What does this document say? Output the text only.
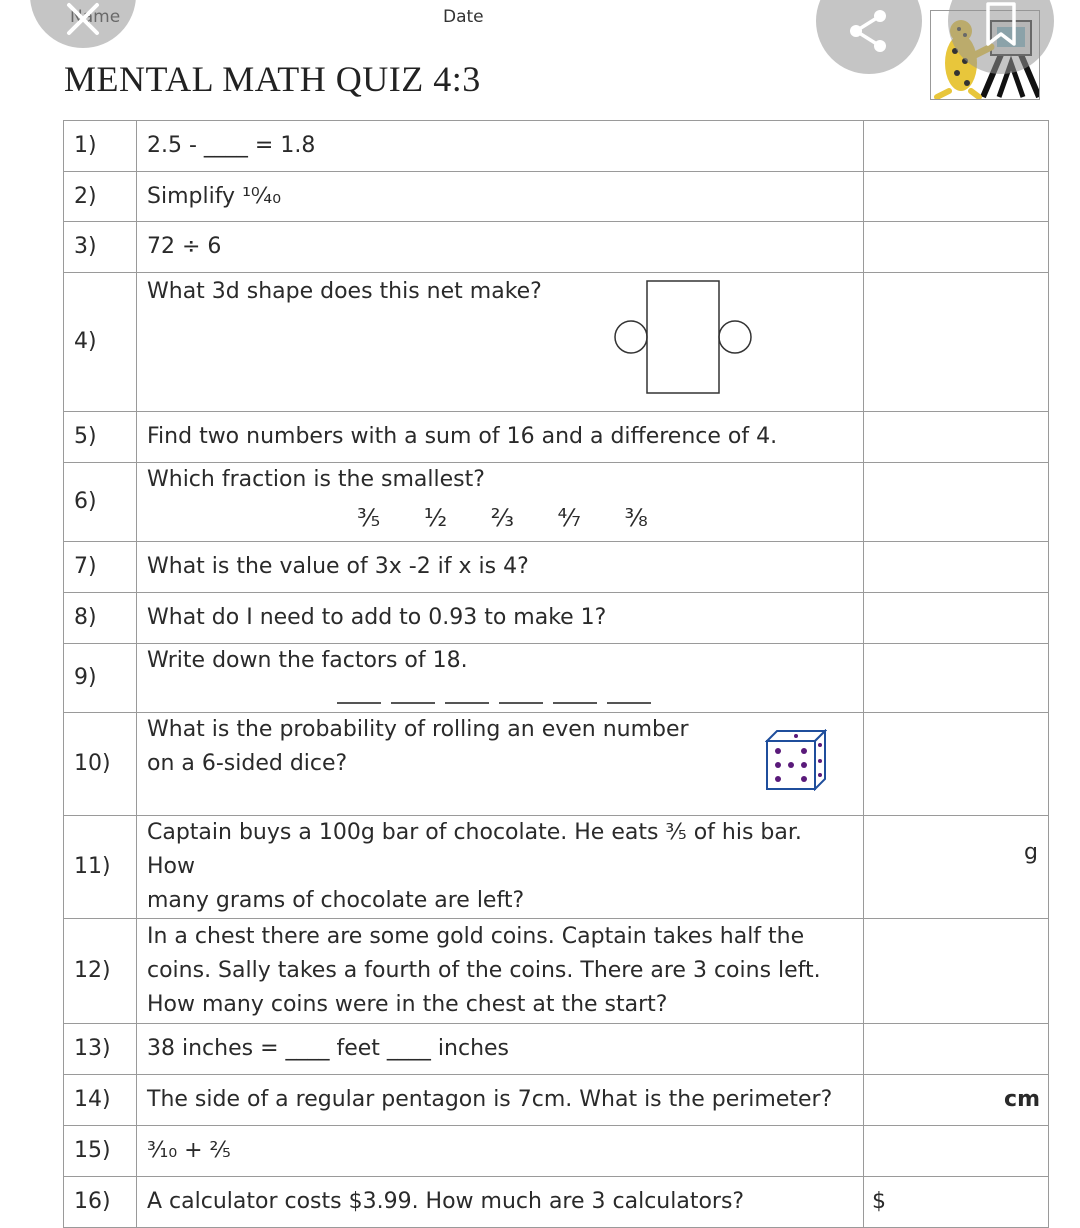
Date
MENTAL MATH QUIZ 4:3
1)	2.5 - ____ = 1.8	
2)	Simplify ¹⁰⁄₄₀	
3)	72 ÷ 6	
4)	What 3d shape does this net make?	

5)	Find two numbers with a sum of 16 and a difference of 4.	
6)	Which fraction is the smallest?
³⁄₅ ¹⁄₂ ²⁄₃ ⁴⁄₇ ³⁄₈	

7)	What is the value of 3x -2 if x is 4?	
8)	What do I need to add to 0.93 to make 1?	
9)	Write down the factors of 18.	

10)	What is the probability of rolling an even number
on a 6-sided dice?	

11)	Captain buys a 100g bar of chocolate. He eats ³⁄₅ of his bar. How
many grams of chocolate are left?	g

12)	In a chest there are some gold coins. Captain takes half the
coins. Sally takes a fourth of the coins. There are 3 coins left.
How many coins were in the chest at the start?	

13)	38 inches = ____ feet ____ inches	
14)	The side of a regular pentagon is 7cm. What is the perimeter?	cm

15)	³⁄₁₀ + ²⁄₅	
16)	A calculator costs $3.99. How much are 3 calculators?	$
